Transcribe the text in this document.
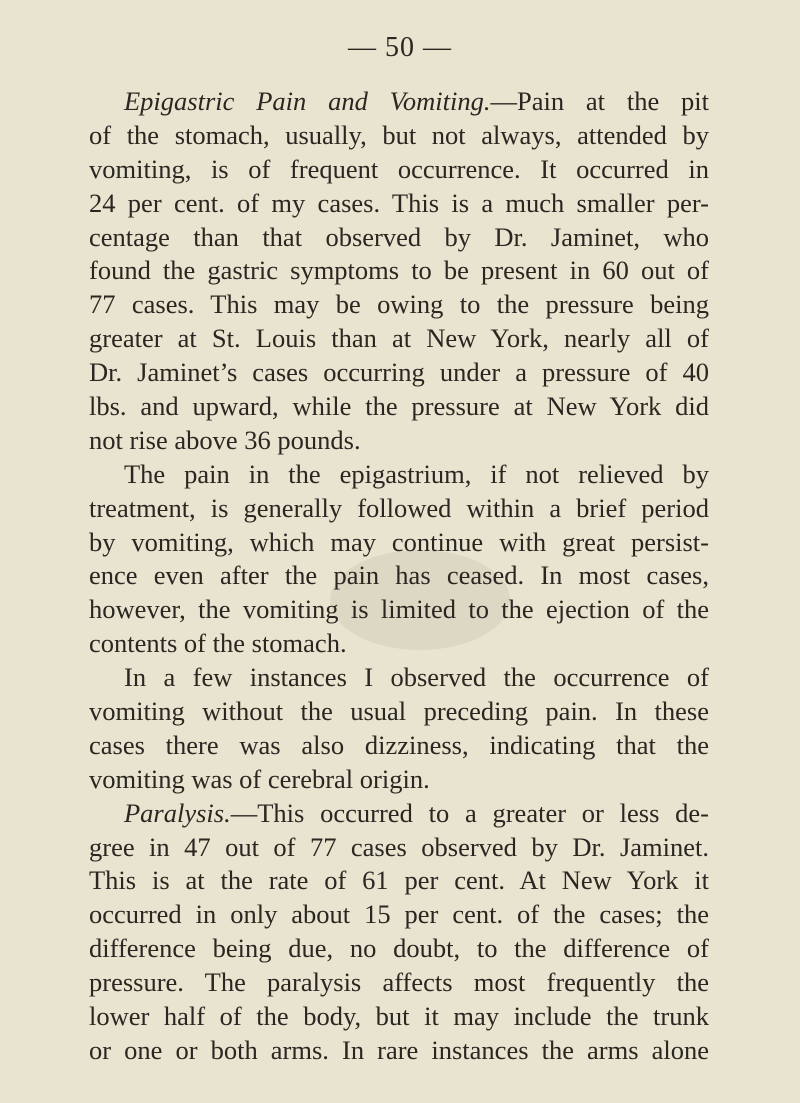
— 50 —
Epigastric Pain and Vomiting.—Pain at the pit
of the stomach, usually, but not always, attended by
vomiting, is of frequent occurrence. It occurred in
24 per cent. of my cases. This is a much smaller per-
centage than that observed by Dr. Jaminet, who
found the gastric symptoms to be present in 60 out of
77 cases. This may be owing to the pressure being
greater at St. Louis than at New York, nearly all of
Dr. Jaminet’s cases occurring under a pressure of 40
lbs. and upward, while the pressure at New York did
not rise above 36 pounds.
The pain in the epigastrium, if not relieved by
treatment, is generally followed within a brief period
by vomiting, which may continue with great persist-
ence even after the pain has ceased. In most cases,
however, the vomiting is limited to the ejection of the
contents of the stomach.
In a few instances I observed the occurrence of
vomiting without the usual preceding pain. In these
cases there was also dizziness, indicating that the
vomiting was of cerebral origin.
Paralysis.—This occurred to a greater or less de-
gree in 47 out of 77 cases observed by Dr. Jaminet.
This is at the rate of 61 per cent. At New York it
occurred in only about 15 per cent. of the cases; the
difference being due, no doubt, to the difference of
pressure. The paralysis affects most frequently the
lower half of the body, but it may include the trunk
or one or both arms. In rare instances the arms alone
